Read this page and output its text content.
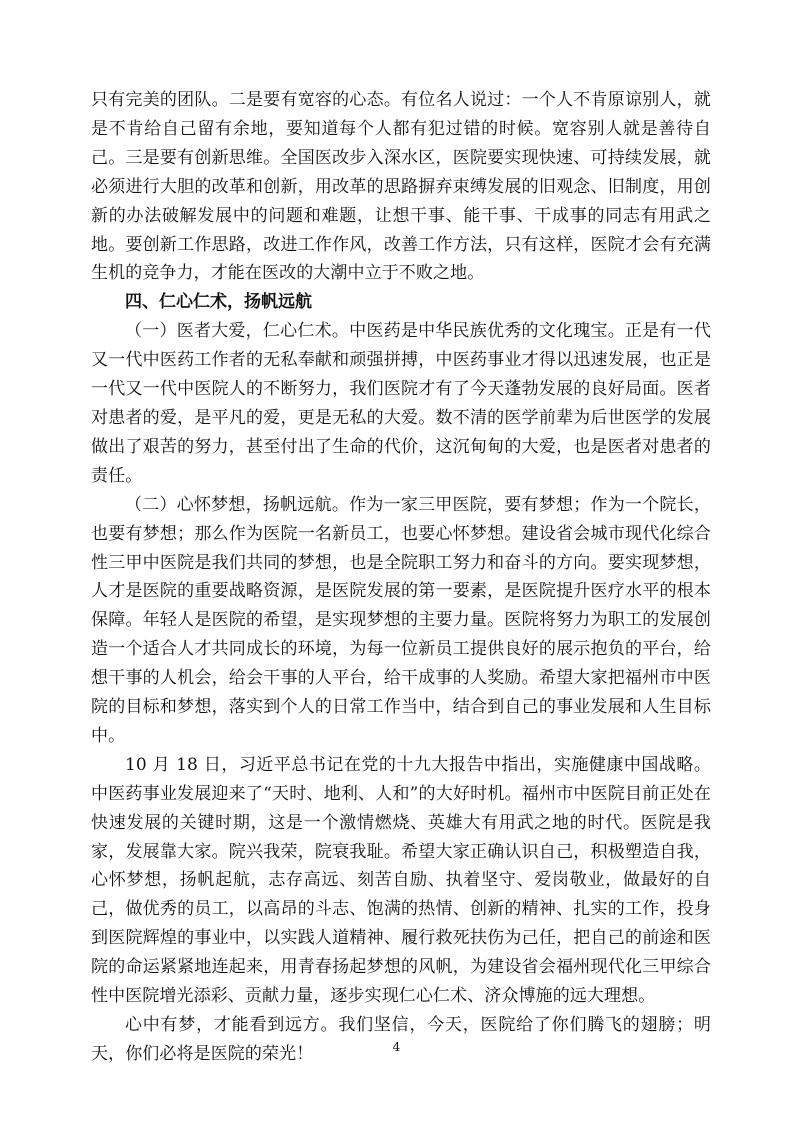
只有完美的团队。二是要有宽容的心态。有位名人说过：一个人不肯原谅别人，就是不肯给自己留有余地，要知道每个人都有犯过错的时候。宽容别人就是善待自己。三是要有创新思维。全国医改步入深水区，医院要实现快速、可持续发展，就必须进行大胆的改革和创新，用改革的思路摒弃束缚发展的旧观念、旧制度，用创新的办法破解发展中的问题和难题，让想干事、能干事、干成事的同志有用武之地。要创新工作思路，改进工作作风，改善工作方法，只有这样，医院才会有充满生机的竞争力，才能在医改的大潮中立于不败之地。

四、仁心仁术，扬帆远航

（一）医者大爱，仁心仁术。中医药是中华民族优秀的文化瑰宝。正是有一代又一代中医药工作者的无私奉献和顽强拼搏，中医药事业才得以迅速发展，也正是一代又一代中医院人的不断努力，我们医院才有了今天蓬勃发展的良好局面。医者对患者的爱，是平凡的爱，更是无私的大爱。数不清的医学前辈为后世医学的发展做出了艰苦的努力，甚至付出了生命的代价，这沉甸甸的大爱，也是医者对患者的责任。

（二）心怀梦想，扬帆远航。作为一家三甲医院，要有梦想；作为一个院长，也要有梦想；那么作为医院一名新员工，也要心怀梦想。建设省会城市现代化综合性三甲中医院是我们共同的梦想，也是全院职工努力和奋斗的方向。要实现梦想，人才是医院的重要战略资源，是医院发展的第一要素，是医院提升医疗水平的根本保障。年轻人是医院的希望，是实现梦想的主要力量。医院将努力为职工的发展创造一个适合人才共同成长的环境，为每一位新员工提供良好的展示抱负的平台，给想干事的人机会，给会干事的人平台，给干成事的人奖励。希望大家把福州市中医院的目标和梦想，落实到个人的日常工作当中，结合到自己的事业发展和人生目标中。

10 月 18 日，习近平总书记在党的十九大报告中指出，实施健康中国战略。中医药事业发展迎来了“天时、地利、人和”的大好时机。福州市中医院目前正处在快速发展的关键时期，这是一个激情燃烧、英雄大有用武之地的时代。医院是我家，发展靠大家。院兴我荣，院衰我耻。希望大家正确认识自己，积极塑造自我，心怀梦想，扬帆起航，志存高远、刻苦自励、执着坚守、爱岗敬业，做最好的自己，做优秀的员工，以高昂的斗志、饱满的热情、创新的精神、扎实的工作，投身到医院辉煌的事业中，以实践人道精神、履行救死扶伤为己任，把自己的前途和医院的命运紧紧地连起来，用青春扬起梦想的风帆，为建设省会福州现代化三甲综合性中医院增光添彩、贡献力量，逐步实现仁心仁术、济众博施的远大理想。

心中有梦，才能看到远方。我们坚信，今天，医院给了你们腾飞的翅膀；明天，你们必将是医院的荣光！	4
